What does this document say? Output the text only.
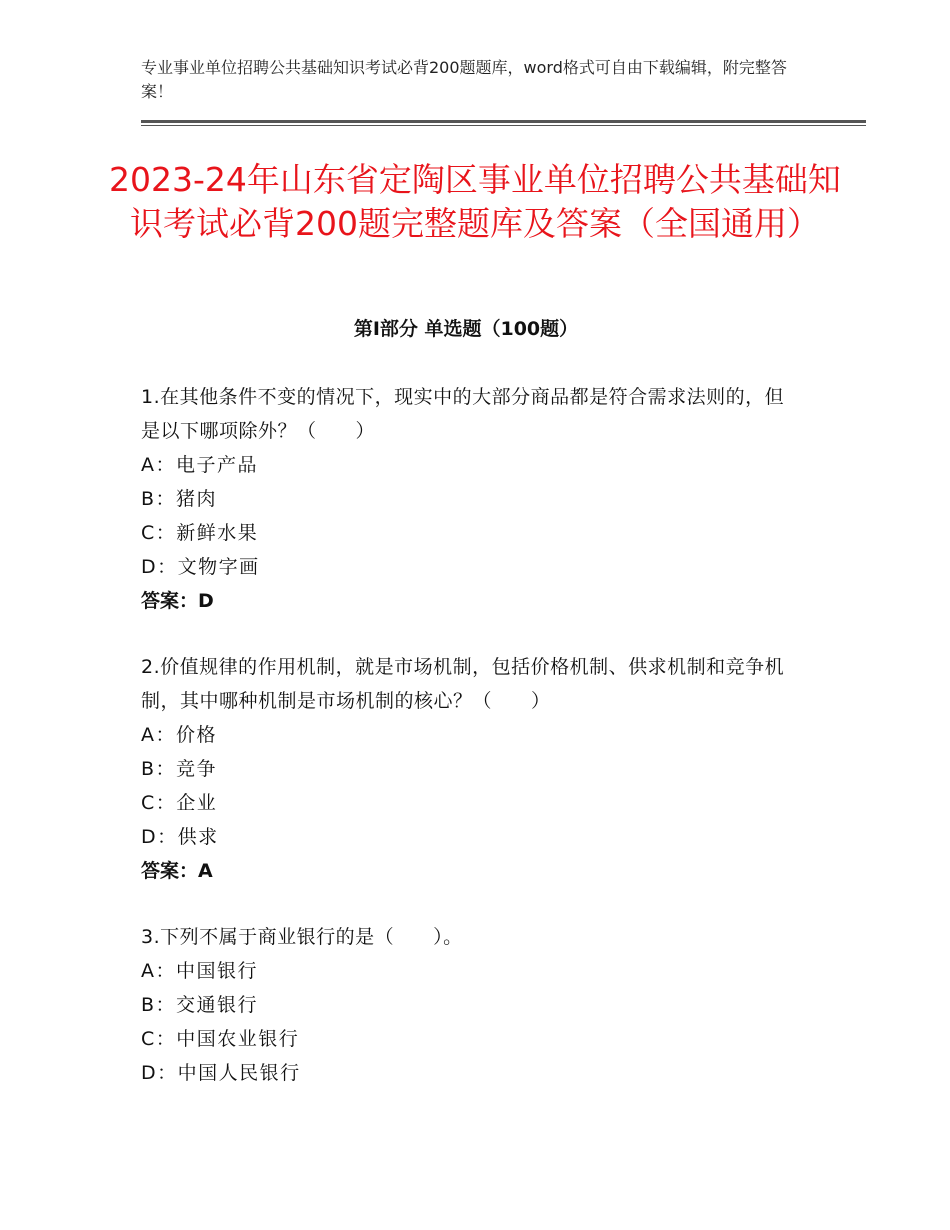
专业事业单位招聘公共基础知识考试必背200题题库，word格式可自由下载编辑，附完整答案！
2023-24年山东省定陶区事业单位招聘公共基础知识考试必背200题完整题库及答案（全国通用）
第Ⅰ部分 单选题（100题）

1.在其他条件不变的情况下，现实中的大部分商品都是符合需求法则的，但是以下哪项除外？（　　）

A：电子产品

B：猪肉

C：新鲜水果

D：文物字画

答案：D

2.价值规律的作用机制，就是市场机制，包括价格机制、供求机制和竞争机制，其中哪种机制是市场机制的核心？（　　）

A：价格

B：竞争

C：企业

D：供求

答案：A

3.下列不属于商业银行的是（　　）。

A：中国银行

B：交通银行

C：中国农业银行

D：中国人民银行
